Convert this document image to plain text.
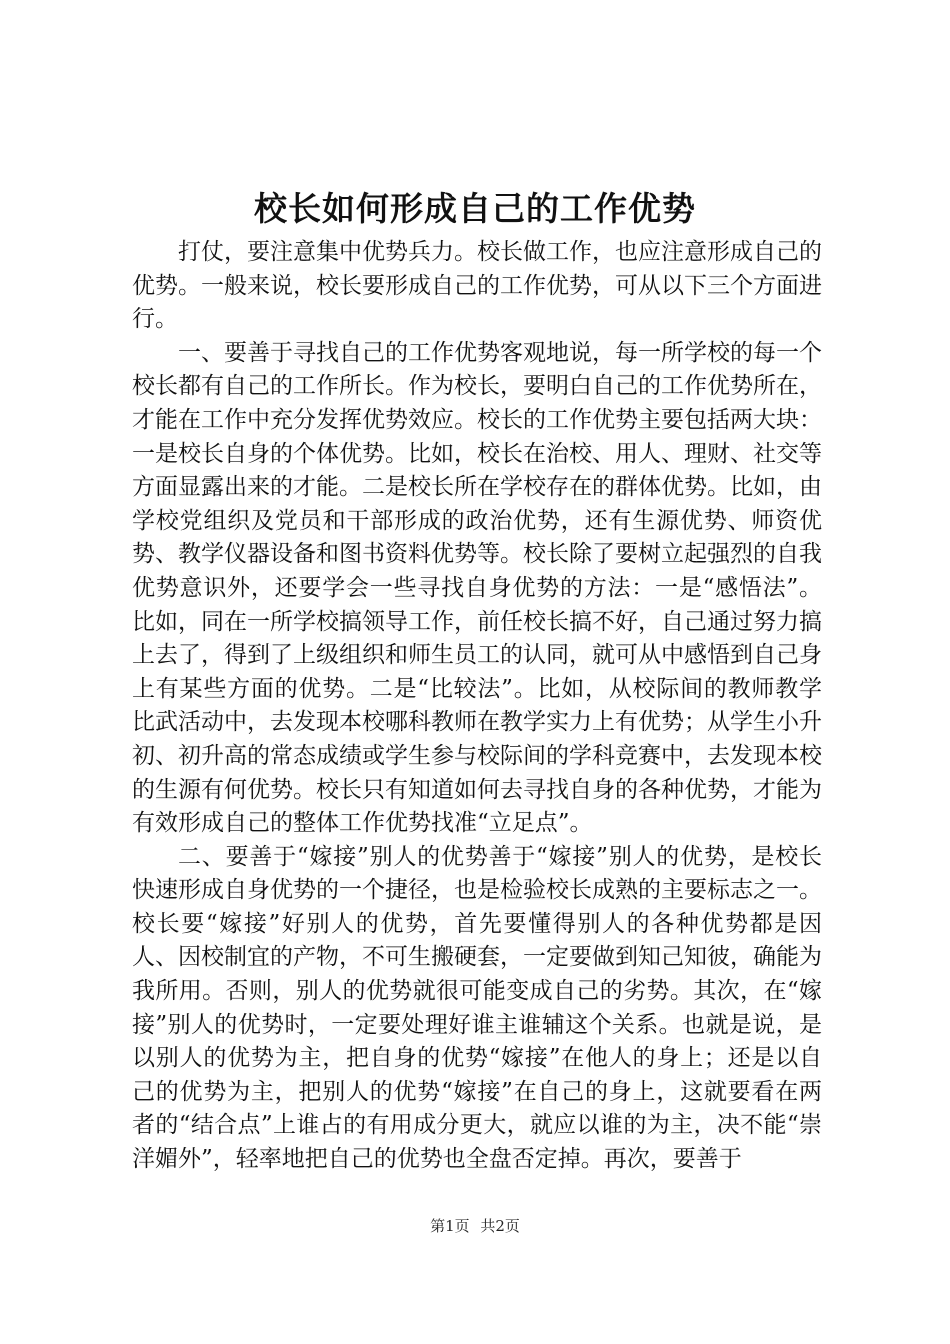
校长如何形成自己的工作优势

打仗，要注意集中优势兵力。校长做工作，也应注意形成自己的优势。一般来说，校长要形成自己的工作优势，可从以下三个方面进行。

一、要善于寻找自己的工作优势客观地说，每一所学校的每一个校长都有自己的工作所长。作为校长，要明白自己的工作优势所在，才能在工作中充分发挥优势效应。校长的工作优势主要包括两大块：一是校长自身的个体优势。比如，校长在治校、用人、理财、社交等方面显露出来的才能。二是校长所在学校存在的群体优势。比如，由学校党组织及党员和干部形成的政治优势，还有生源优势、师资优势、教学仪器设备和图书资料优势等。校长除了要树立起强烈的自我优势意识外，还要学会一些寻找自身优势的方法：一是“感悟法”。比如，同在一所学校搞领导工作，前任校长搞不好，自己通过努力搞上去了，得到了上级组织和师生员工的认同，就可从中感悟到自己身上有某些方面的优势。二是“比较法”。比如，从校际间的教师教学比武活动中，去发现本校哪科教师在教学实力上有优势；从学生小升初、初升高的常态成绩或学生参与校际间的学科竞赛中，去发现本校的生源有何优势。校长只有知道如何去寻找自身的各种优势，才能为有效形成自己的整体工作优势找准“立足点”。

二、要善于“嫁接”别人的优势善于“嫁接”别人的优势，是校长快速形成自身优势的一个捷径，也是检验校长成熟的主要标志之一。校长要“嫁接”好别人的优势，首先要懂得别人的各种优势都是因人、因校制宜的产物，不可生搬硬套，一定要做到知己知彼，确能为我所用。否则，别人的优势就很可能变成自己的劣势。其次，在“嫁接”别人的优势时，一定要处理好谁主谁辅这个关系。也就是说，是以别人的优势为主，把自身的优势“嫁接”在他人的身上；还是以自己的优势为主，把别人的优势“嫁接”在自己的身上，这就要看在两者的“结合点”上谁占的有用成分更大，就应以谁的为主，决不能“崇洋媚外”，轻率地把自己的优势也全盘否定掉。再次，要善于

第1页 共2页
